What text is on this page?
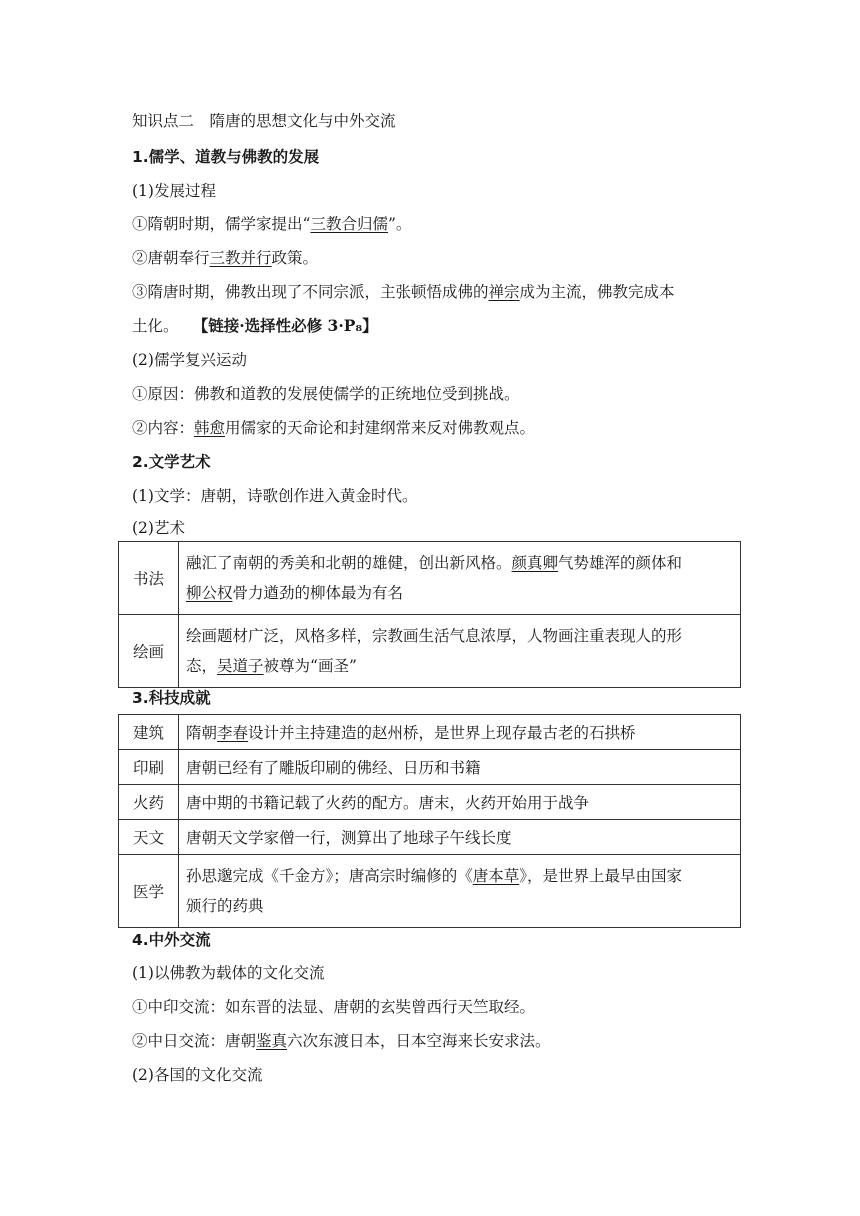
知识点二　隋唐的思想文化与中外交流
1.儒学、道教与佛教的发展
(1)发展过程
①隋朝时期，儒学家提出“三教合归儒”。
②唐朝奉行三教并行政策。
③隋唐时期，佛教出现了不同宗派，主张顿悟成佛的禅宗成为主流，佛教完成本
土化。 【链接·选择性必修 3·P₈】
(2)儒学复兴运动
①原因：佛教和道教的发展使儒学的正统地位受到挑战。
②内容：韩愈用儒家的天命论和封建纲常来反对佛教观点。
2.文学艺术
(1)文学：唐朝，诗歌创作进入黄金时代。
(2)艺术
书法	融汇了南朝的秀美和北朝的雄健，创出新风格。颜真卿气势雄浑的颜体和
柳公权骨力遒劲的柳体最为有名
绘画	绘画题材广泛，风格多样，宗教画生活气息浓厚，人物画注重表现人的形
态，吴道子被尊为“画圣”
3.科技成就
建筑	隋朝李春设计并主持建造的赵州桥，是世界上现存最古老的石拱桥
印刷	唐朝已经有了雕版印刷的佛经、日历和书籍
火药	唐中期的书籍记载了火药的配方。唐末，火药开始用于战争
天文	唐朝天文学家僧一行，测算出了地球子午线长度
医学	孙思邈完成《千金方》；唐高宗时编修的《唐本草》，是世界上最早由国家
颁行的药典
4.中外交流
(1)以佛教为载体的文化交流
①中印交流：如东晋的法显、唐朝的玄奘曾西行天竺取经。
②中日交流：唐朝鉴真六次东渡日本，日本空海来长安求法。
(2)各国的文化交流
